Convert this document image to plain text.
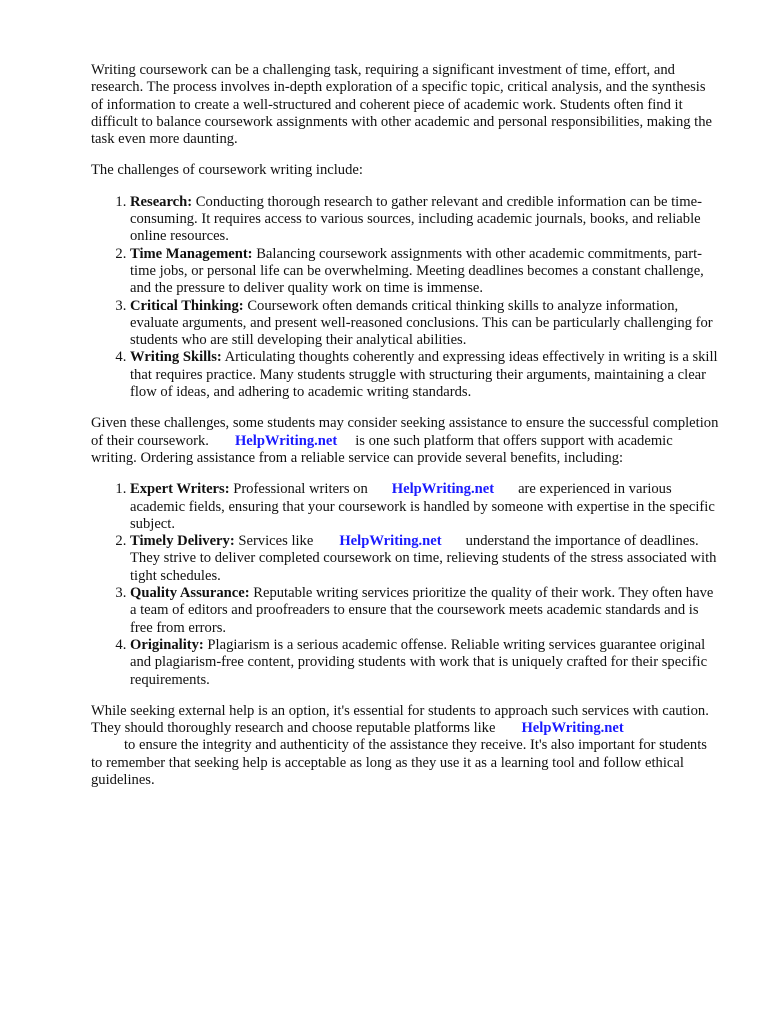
Writing coursework can be a challenging task, requiring a significant investment of time, effort, and research. The process involves in-depth exploration of a specific topic, critical analysis, and the synthesis of information to create a well-structured and coherent piece of academic work. Students often find it difficult to balance coursework assignments with other academic and personal responsibilities, making the task even more daunting.

The challenges of coursework writing include:

1. Research: Conducting thorough research to gather relevant and credible information can be time-consuming. It requires access to various sources, including academic journals, books, and reliable online resources.
2. Time Management: Balancing coursework assignments with other academic commitments, part-time jobs, or personal life can be overwhelming. Meeting deadlines becomes a constant challenge, and the pressure to deliver quality work on time is immense.
3. Critical Thinking: Coursework often demands critical thinking skills to analyze information, evaluate arguments, and present well-reasoned conclusions. This can be particularly challenging for students who are still developing their analytical abilities.
4. Writing Skills: Articulating thoughts coherently and expressing ideas effectively in writing is a skill that requires practice. Many students struggle with structuring their arguments, maintaining a clear flow of ideas, and adhering to academic writing standards.

Given these challenges, some students may consider seeking assistance to ensure the successful completion of their coursework. HelpWriting.net is one such platform that offers support with academic writing. Ordering assistance from a reliable service can provide several benefits, including:

1. Expert Writers: Professional writers on HelpWriting.net are experienced in various academic fields, ensuring that your coursework is handled by someone with expertise in the specific subject.
2. Timely Delivery: Services like HelpWriting.net understand the importance of deadlines. They strive to deliver completed coursework on time, relieving students of the stress associated with tight schedules.
3. Quality Assurance: Reputable writing services prioritize the quality of their work. They often have a team of editors and proofreaders to ensure that the coursework meets academic standards and is free from errors.
4. Originality: Plagiarism is a serious academic offense. Reliable writing services guarantee original and plagiarism-free content, providing students with work that is uniquely crafted for their specific requirements.

While seeking external help is an option, it's essential for students to approach such services with caution. They should thoroughly research and choose reputable platforms like HelpWriting.net
to ensure the integrity and authenticity of the assistance they receive. It's also important for students to remember that seeking help is acceptable as long as they use it as a learning tool and follow ethical guidelines.
